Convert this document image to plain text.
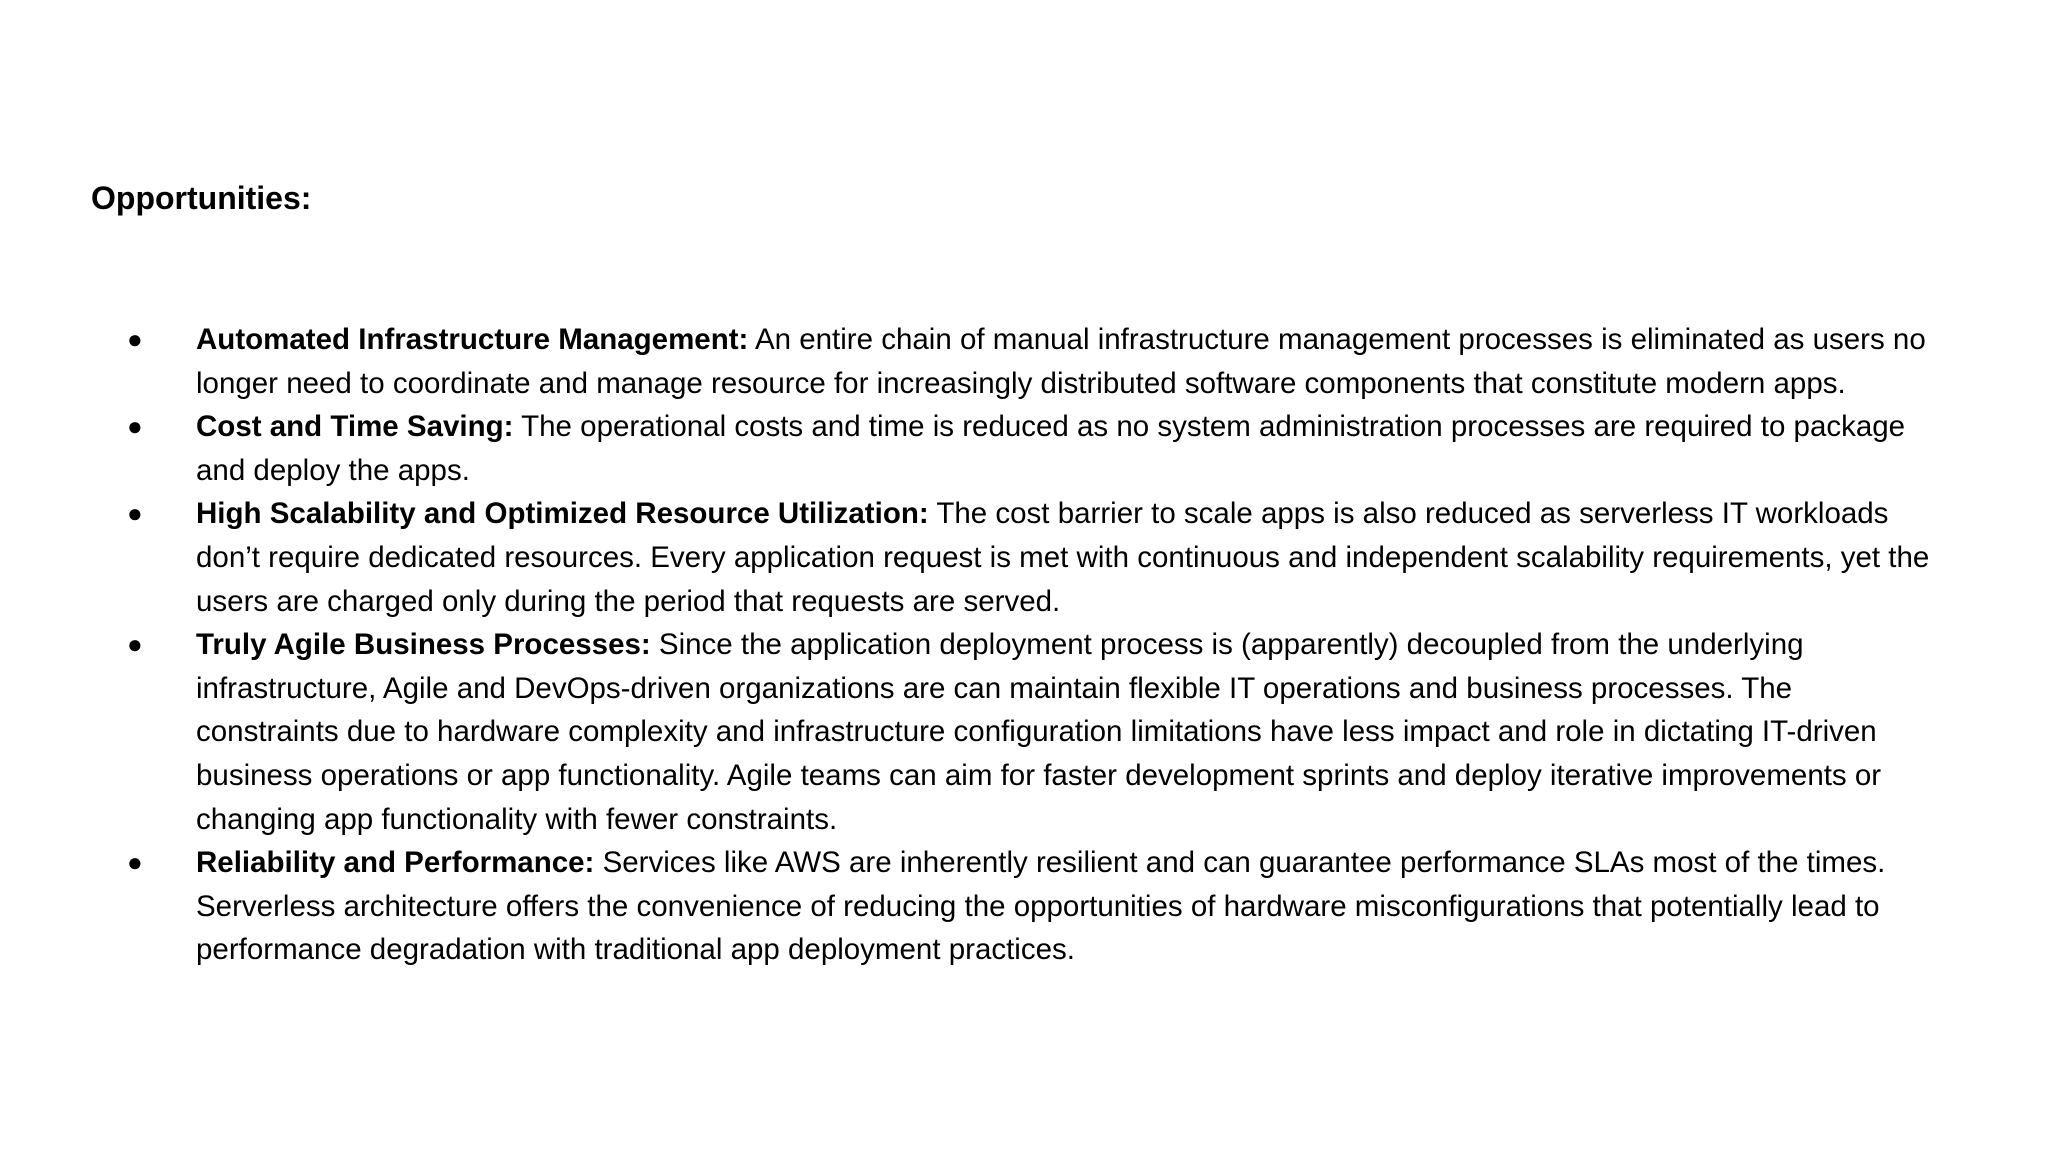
Opportunities:
● Automated Infrastructure Management: An entire chain of manual infrastructure management processes is eliminated as users no longer need to coordinate and manage resource for increasingly distributed software components that constitute modern apps.
● Cost and Time Saving: The operational costs and time is reduced as no system administration processes are required to package and deploy the apps.
● High Scalability and Optimized Resource Utilization: The cost barrier to scale apps is also reduced as serverless IT workloads don’t require dedicated resources. Every application request is met with continuous and independent scalability requirements, yet the users are charged only during the period that requests are served.
● Truly Agile Business Processes: Since the application deployment process is (apparently) decoupled from the underlying infrastructure, Agile and DevOps-driven organizations are can maintain flexible IT operations and business processes. The constraints due to hardware complexity and infrastructure configuration limitations have less impact and role in dictating IT-driven business operations or app functionality. Agile teams can aim for faster development sprints and deploy iterative improvements or changing app functionality with fewer constraints.
● Reliability and Performance: Services like AWS are inherently resilient and can guarantee performance SLAs most of the times. Serverless architecture offers the convenience of reducing the opportunities of hardware misconfigurations that potentially lead to performance degradation with traditional app deployment practices.
